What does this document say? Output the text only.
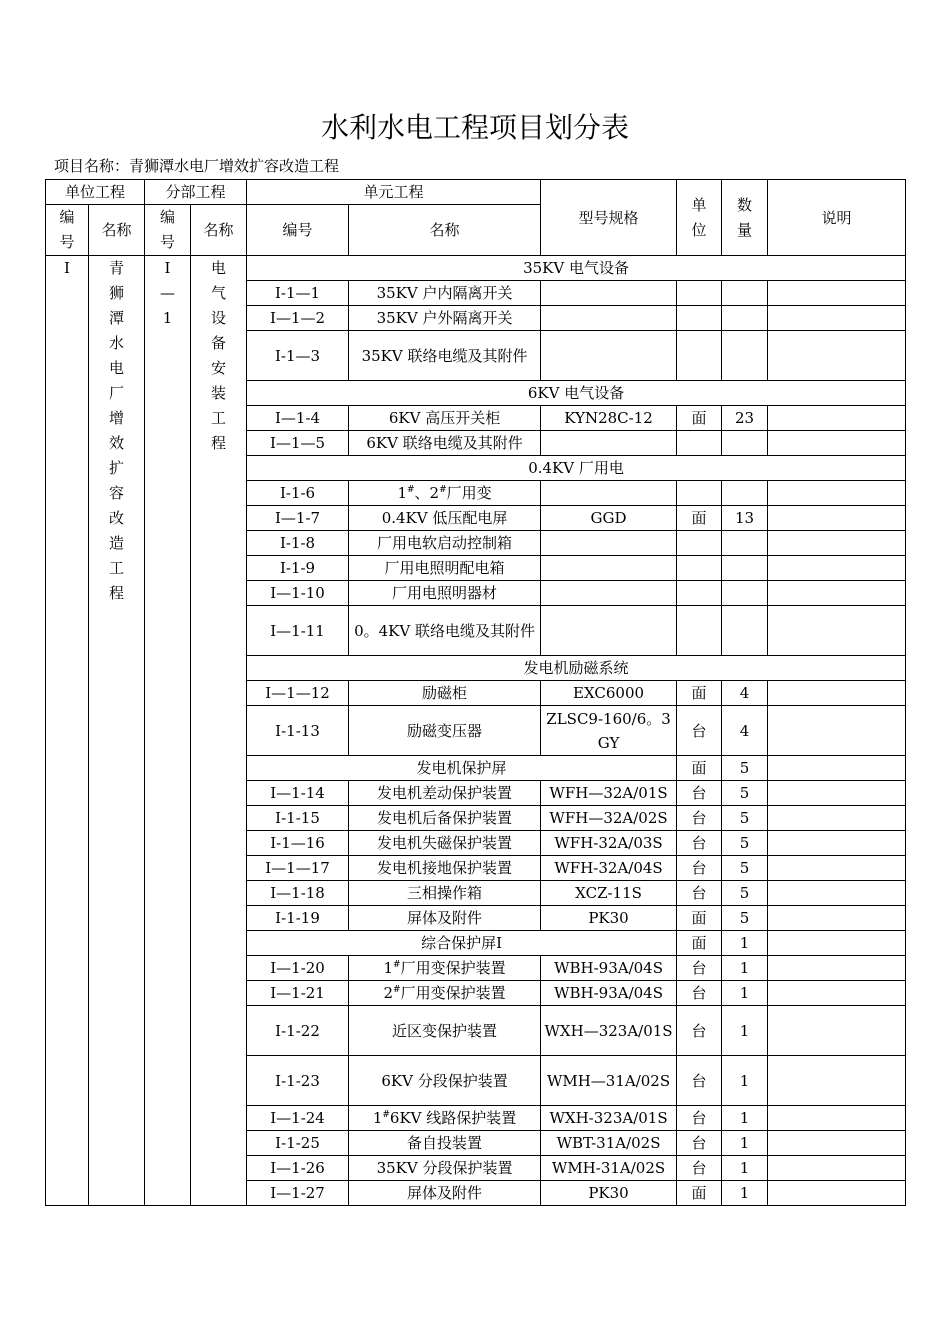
水利水电工程项目划分表
项目名称：青狮潭水电厂增效扩容改造工程
单位工程		分部工程		单元工程		型号规格	单位	数量	说明

编号	名称	编号	名称	编号	名称				

I	青狮潭水电厂增效扩容改造工程	I—1	电气设备安装工程	35KV 电气设备					
				I-1—1	35KV 户内隔离开关				
				I—1—2	35KV 户外隔离开关				
				I-1—3	35KV 联络电缆及其附件				
				6KV 电气设备					
				I—1-4	6KV 高压开关柜	KYN28C-12	面	23	
				I—1—5	6KV 联络电缆及其附件				
				0.4KV 厂用电					
				I-1-6	1#、2#厂用变				
				I—1-7	0.4KV 低压配电屏	GGD	面	13	
				I-1-8	厂用电软启动控制箱				
				I-1-9	厂用电照明配电箱				
				I—1-10	厂用电照明器材				
				I—1-11	0。4KV 联络电缆及其附件				
				发电机励磁系统					
				I—1—12	励磁柜	EXC6000	面	4	
				I-1-13	励磁变压器	ZLSC9-160/6。3GY	台	4	
				发电机保护屏			面	5	
				I—1-14	发电机差动保护装置	WFH—32A/01S	台	5	
				I-1-15	发电机后备保护装置	WFH—32A/02S	台	5	
				I-1—16	发电机失磁保护装置	WFH-32A/03S	台	5	
				I—1—17	发电机接地保护装置	WFH-32A/04S	台	5	
				I—1-18	三相操作箱	XCZ-11S	台	5	
				I-1-19	屏体及附件	PK30	面	5	
				综合保护屏I			面	1	
				I—1-20	1#厂用变保护装置	WBH-93A/04S	台	1	
				I—1-21	2#厂用变保护装置	WBH-93A/04S	台	1	
				I-1-22	近区变保护装置	WXH—323A/01S	台	1	
				I-1-23	6KV 分段保护装置	WMH—31A/02S	台	1	
				I—1-24	1#6KV 线路保护装置	WXH-323A/01S	台	1	
				I-1-25	备自投装置	WBT-31A/02S	台	1	
				I—1-26	35KV 分段保护装置	WMH-31A/02S	台	1	
				I—1-27	屏体及附件	PK30	面	1	
